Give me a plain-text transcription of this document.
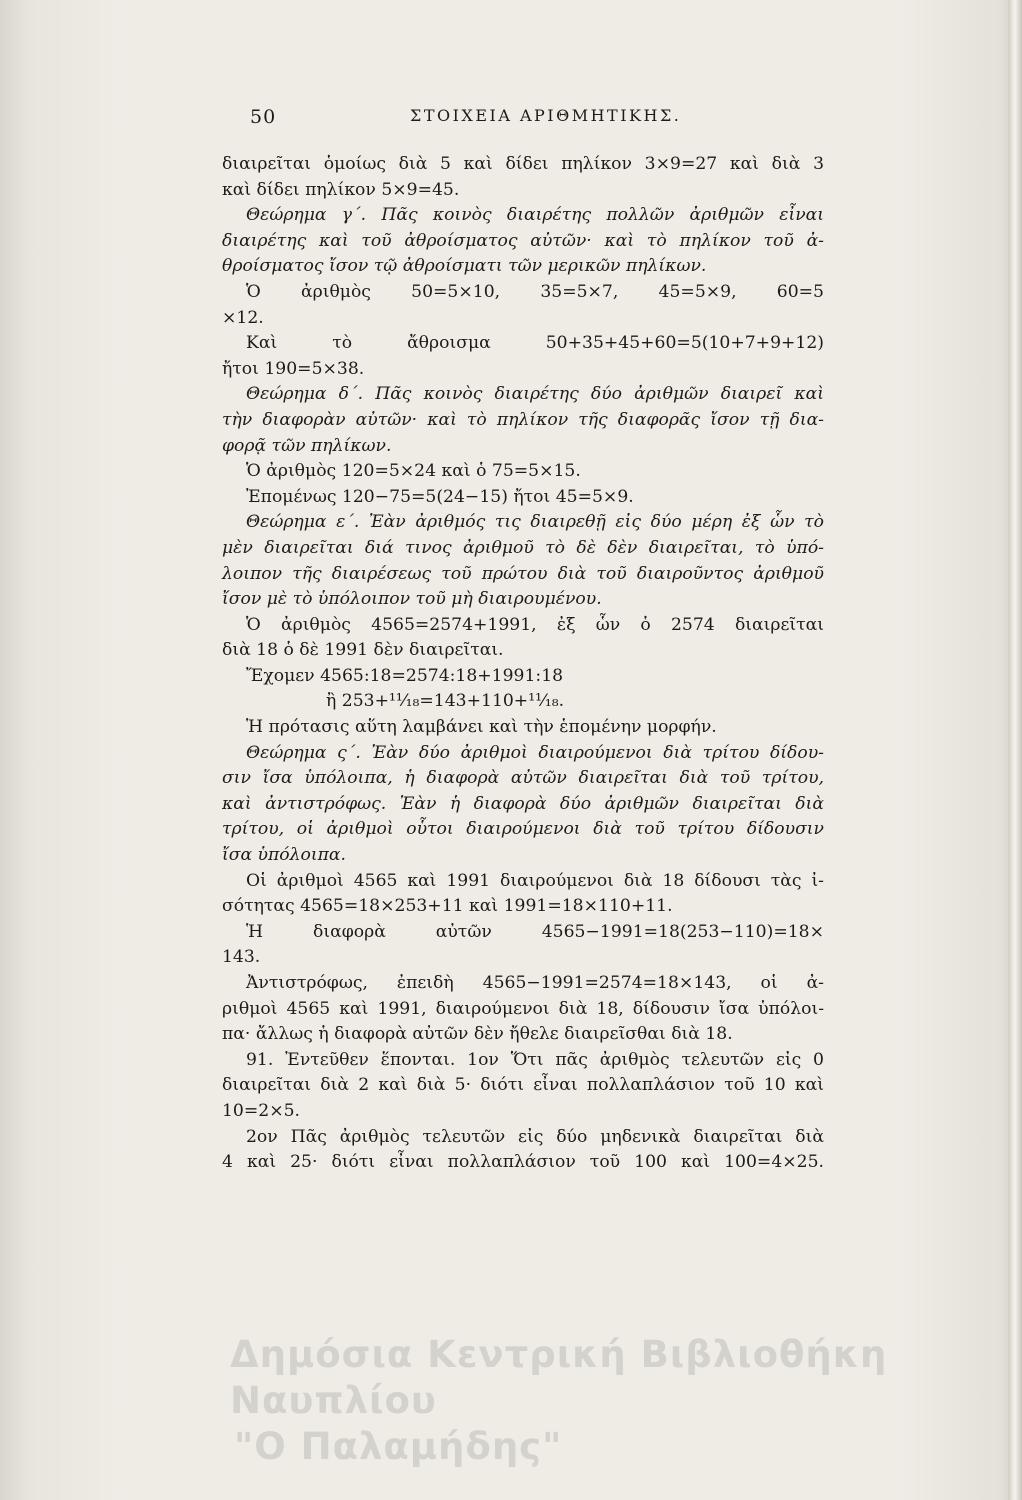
50	ΣΤΟΙΧΕΙΑ ΑΡΙΘΜΗΤΙΚΗΣ.
διαιρεῖται ὁμοίως διὰ 5 καὶ δίδει πηλίκον 3×9=27 καὶ διὰ 3
καὶ δίδει πηλίκον 5×9=45.
Θεώρημα γ΄. Πᾶς κοινὸς διαιρέτης πολλῶν ἀριθμῶν εἶναι
διαιρέτης καὶ τοῦ ἀθροίσματος αὐτῶν· καὶ τὸ πηλίκον τοῦ ἀ-
θροίσματος ἴσον τῷ ἀθροίσματι τῶν μερικῶν πηλίκων.
Ὁ ἀριθμὸς 50=5×10, 35=5×7, 45=5×9, 60=5
×12.
Καὶ τὸ ἄθροισμα 50+35+45+60=5(10+7+9+12)
ἤτοι 190=5×38.
Θεώρημα δ΄. Πᾶς κοινὸς διαιρέτης δύο ἀριθμῶν διαιρεῖ καὶ
τὴν διαφορὰν αὐτῶν· καὶ τὸ πηλίκον τῆς διαφορᾶς ἴσον τῇ δια-
φορᾷ τῶν πηλίκων.
Ὁ ἀριθμὸς 120=5×24 καὶ ὁ 75=5×15.
Ἐπομένως 120−75=5(24−15) ἤτοι 45=5×9.
Θεώρημα ε΄. Ἐὰν ἀριθμός τις διαιρεθῇ εἰς δύο μέρη ἐξ ὧν τὸ
μὲν διαιρεῖται διά τινος ἀριθμοῦ τὸ δὲ δὲν διαιρεῖται, τὸ ὑπό-
λοιπον τῆς διαιρέσεως τοῦ πρώτου διὰ τοῦ διαιροῦντος ἀριθμοῦ
ἴσον μὲ τὸ ὑπόλοιπον τοῦ μὴ διαιρουμένου.
Ὁ ἀριθμὸς 4565=2574+1991, ἐξ ὧν ὁ 2574 διαιρεῖται
διὰ 18 ὁ δὲ 1991 δὲν διαιρεῖται.
Ἔχομεν 4565:18=2574:18+1991:18
ἢ 253+¹¹⁄₁₈=143+110+¹¹⁄₁₈.
Ἡ πρότασις αὕτη λαμβάνει καὶ τὴν ἑπομένην μορφήν.
Θεώρημα ς΄. Ἐὰν δύο ἀριθμοὶ διαιρούμενοι διὰ τρίτου δίδου-
σιν ἴσα ὑπόλοιπα, ἡ διαφορὰ αὐτῶν διαιρεῖται διὰ τοῦ τρίτου,
καὶ ἀντιστρόφως. Ἐὰν ἡ διαφορὰ δύο ἀριθμῶν διαιρεῖται διὰ
τρίτου, οἱ ἀριθμοὶ οὗτοι διαιρούμενοι διὰ τοῦ τρίτου δίδουσιν
ἴσα ὑπόλοιπα.
Οἱ ἀριθμοὶ 4565 καὶ 1991 διαιρούμενοι διὰ 18 δίδουσι τὰς ἰ-
σότητας 4565=18×253+11 καὶ 1991=18×110+11.
Ἡ διαφορὰ αὐτῶν 4565−1991=18(253−110)=18×
143.
Ἀντιστρόφως, ἐπειδὴ 4565−1991=2574=18×143, οἱ ἀ-
ριθμοὶ 4565 καὶ 1991, διαιρούμενοι διὰ 18, δίδουσιν ἴσα ὑπόλοι-
πα· ἄλλως ἡ διαφορὰ αὐτῶν δὲν ἤθελε διαιρεῖσθαι διὰ 18.
91. Ἐντεῦθεν ἕπονται. 1ον Ὅτι πᾶς ἀριθμὸς τελευτῶν εἰς 0
διαιρεῖται διὰ 2 καὶ διὰ 5· διότι εἶναι πολλαπλάσιον τοῦ 10 καὶ
10=2×5.
2ον Πᾶς ἀριθμὸς τελευτῶν εἰς δύο μηδενικὰ διαιρεῖται διὰ
4 καὶ 25· διότι εἶναι πολλαπλάσιον τοῦ 100 καὶ 100=4×25.
Δημόσια Κεντρική Βιβλιοθήκη Ναυπλίου
"Ο Παλαμήδης"
